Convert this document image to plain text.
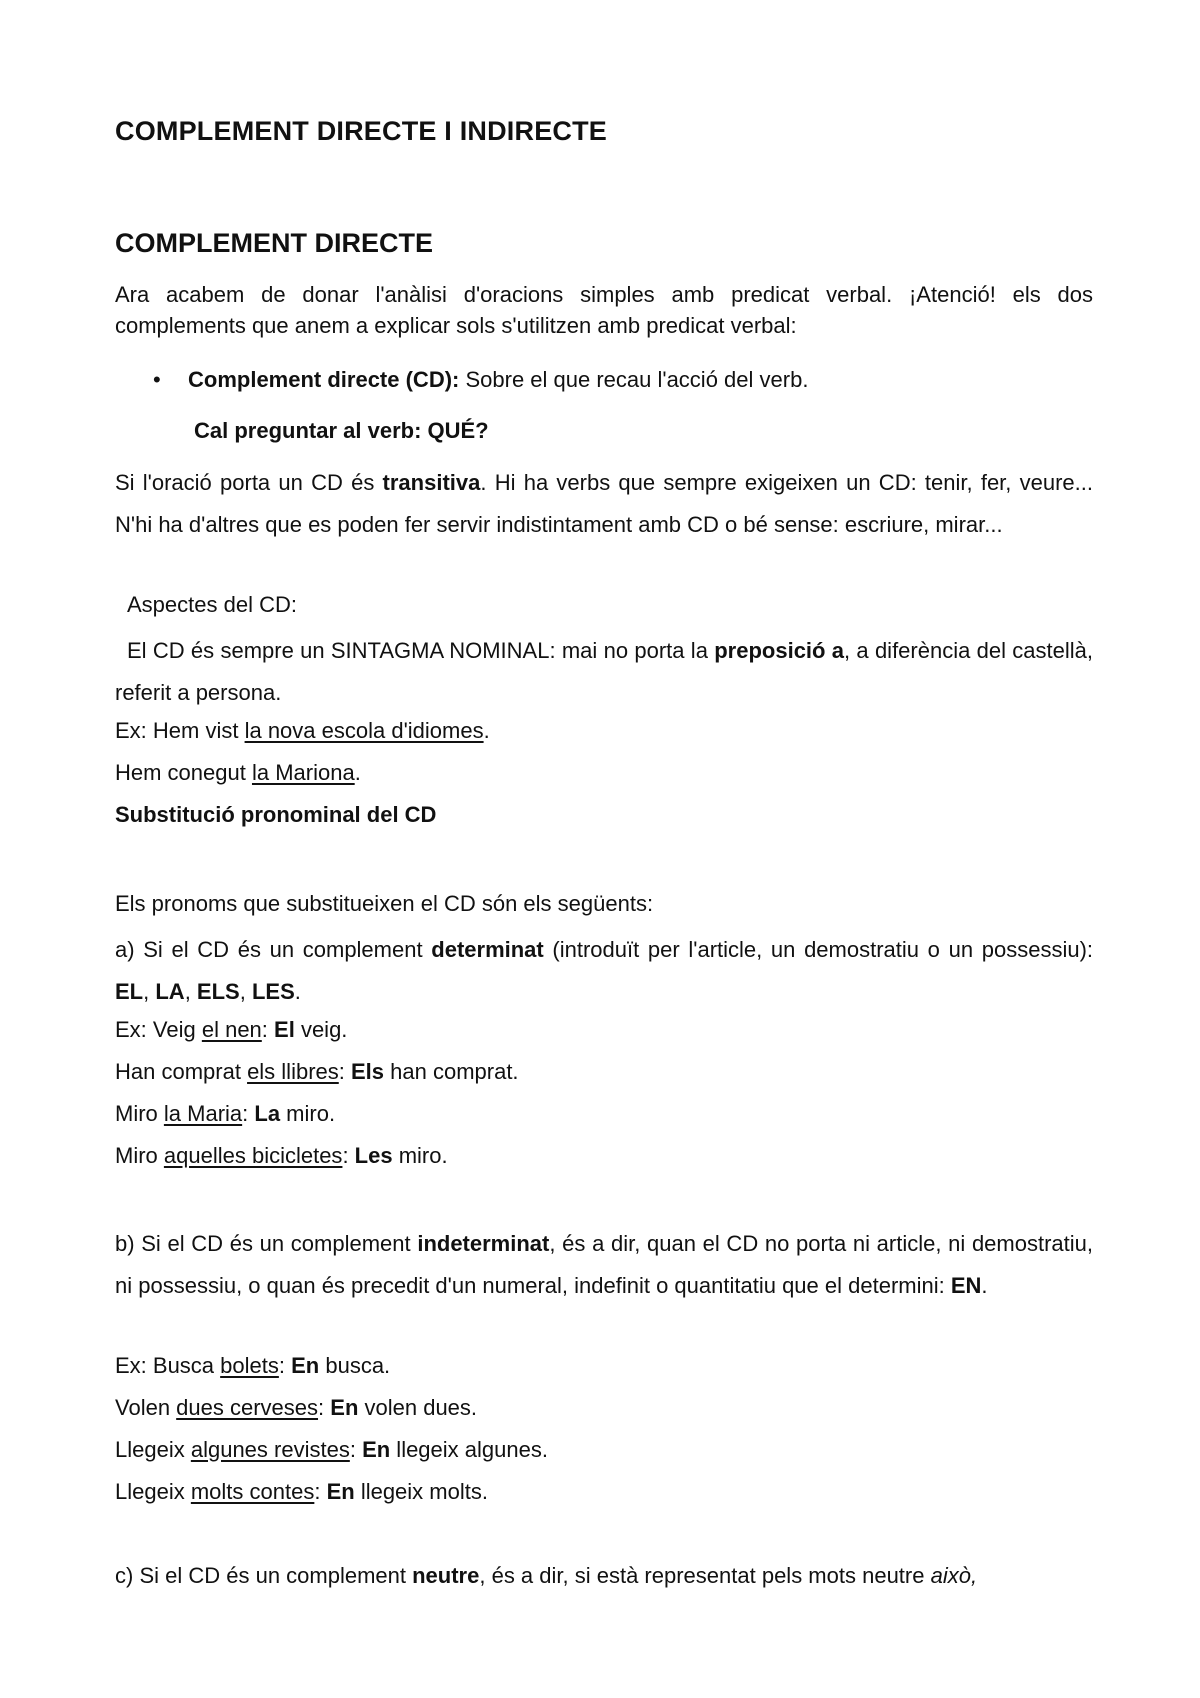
COMPLEMENT DIRECTE I INDIRECTE
COMPLEMENT DIRECTE
Ara acabem de donar l'anàlisi d'oracions simples amb predicat verbal. ¡Atenció! els dos complements que anem a explicar sols s'utilitzen amb predicat verbal:
• Complement directe (CD): Sobre el que recau l'acció del verb.
Cal preguntar al verb: QUÉ?
Si l'oració porta un CD és transitiva. Hi ha verbs que sempre exigeixen un CD: tenir, fer, veure... N'hi ha d'altres que es poden fer servir indistintament amb CD o bé sense: escriure, mirar...
Aspectes del CD:
El CD és sempre un SINTAGMA NOMINAL: mai no porta la preposició a, a diferència del castellà, referit a persona.
Ex: Hem vist la nova escola d'idiomes.
Hem conegut la Mariona.
Substitució pronominal del CD
Els pronoms que substitueixen el CD són els següents:
a) Si el CD és un complement determinat (introduït per l'article, un demostratiu o un possessiu): EL, LA, ELS, LES.
Ex: Veig el nen: El veig.
Han comprat els llibres: Els han comprat.
Miro la Maria: La miro.
Miro aquelles bicicletes: Les miro.
b) Si el CD és un complement indeterminat, és a dir, quan el CD no porta ni article, ni demostratiu, ni possessiu, o quan és precedit d'un numeral, indefinit o quantitatiu que el determini: EN.
Ex: Busca bolets: En busca.
Volen dues cerveses: En volen dues.
Llegeix algunes revistes: En llegeix algunes.
Llegeix molts contes: En llegeix molts.
c) Si el CD és un complement neutre, és a dir, si està representat pels mots neutre això,
